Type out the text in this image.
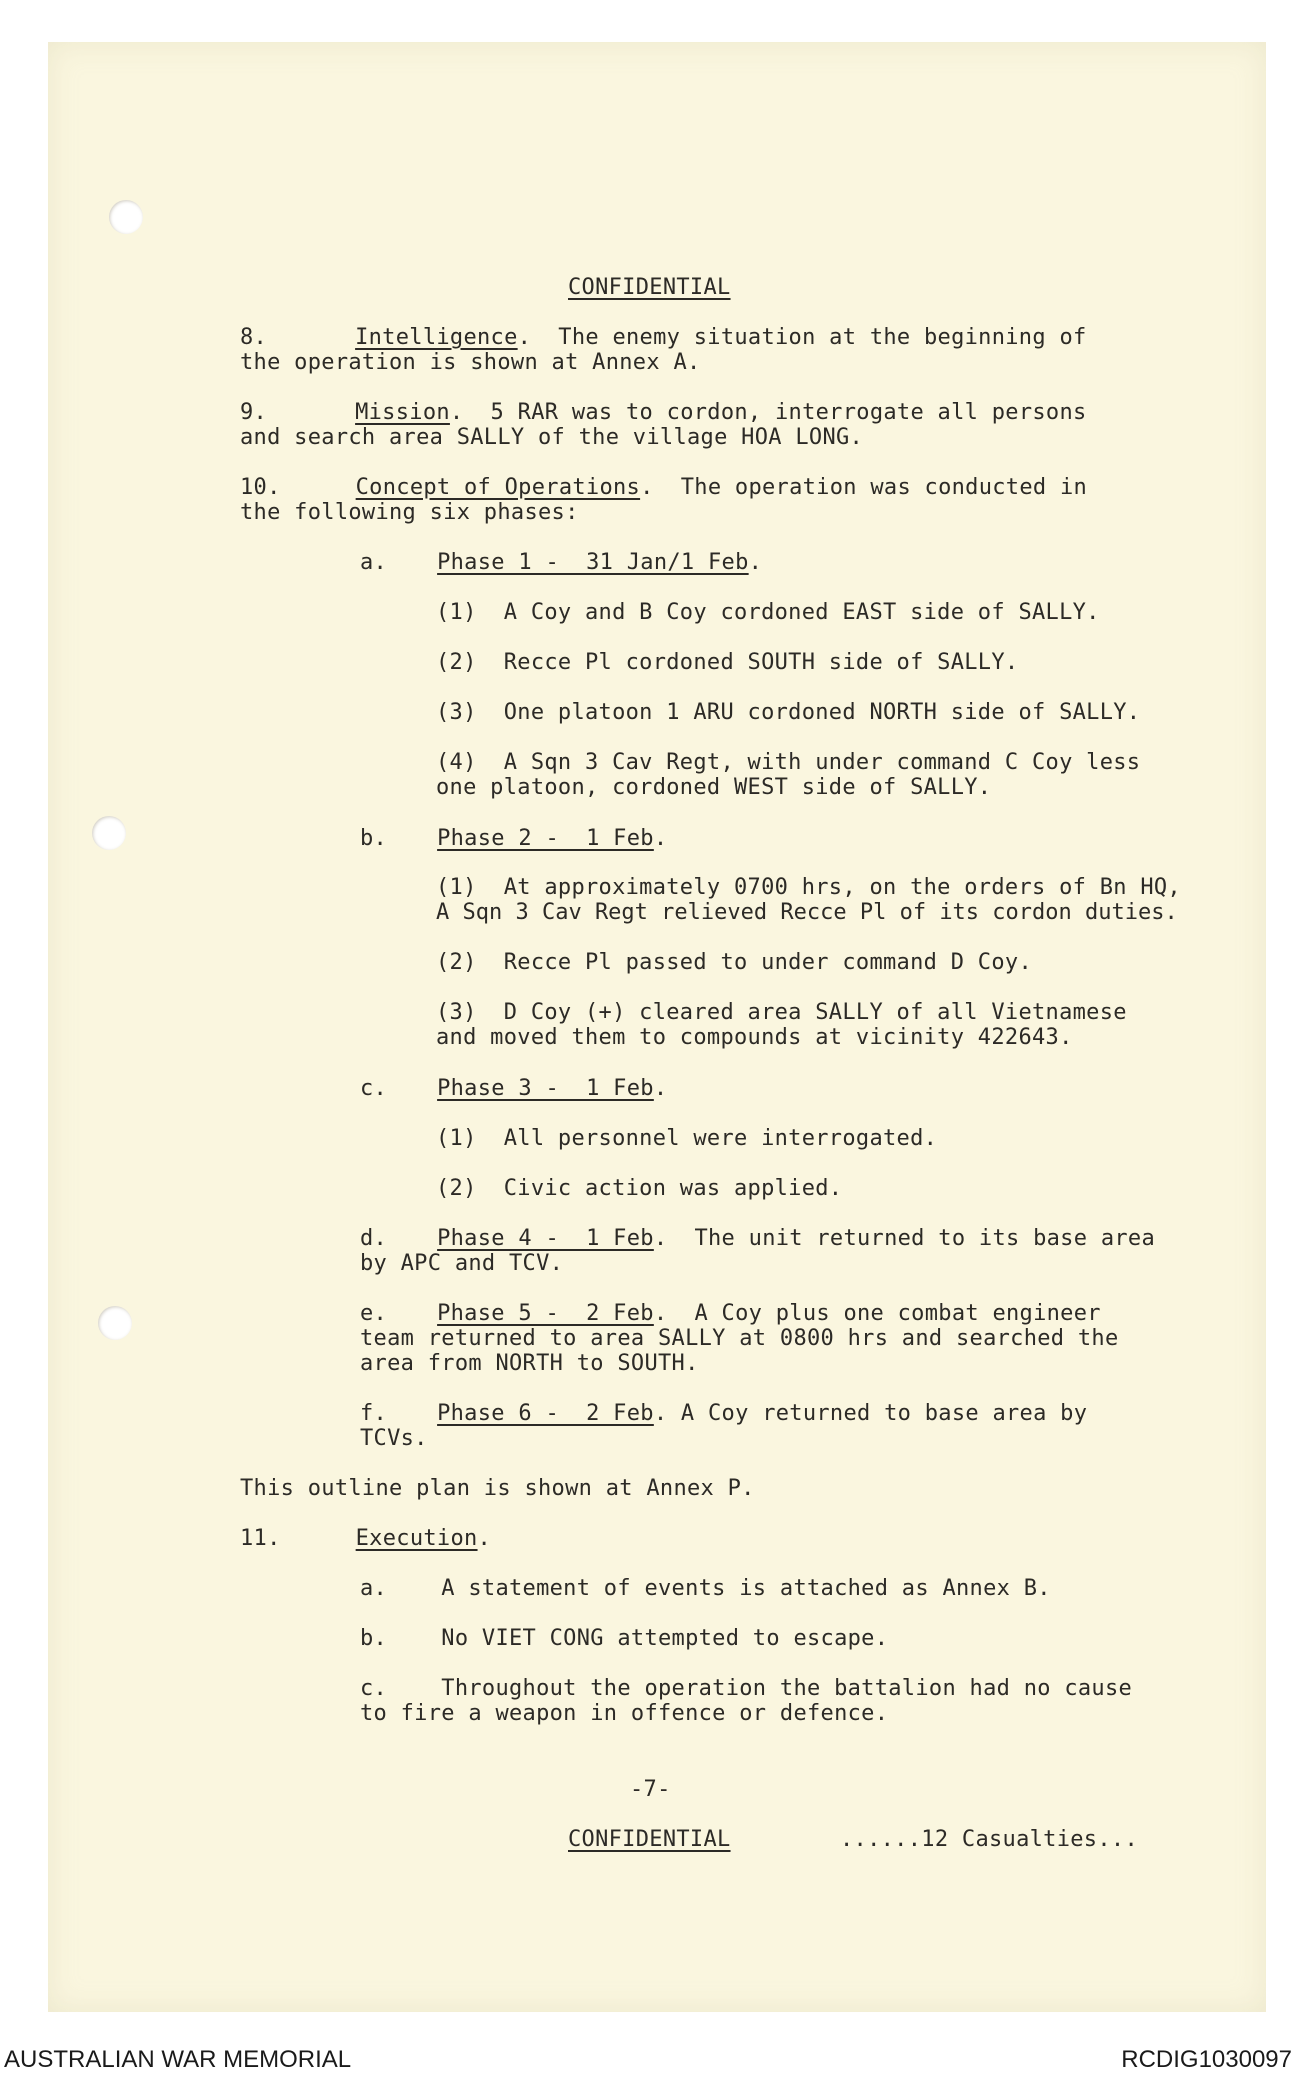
CONFIDENTIAL
8.	Intelligence.  The enemy situation at the beginning of
the operation is shown at Annex A.
9.	Mission.  5 RAR was to cordon, interrogate all persons
and search area SALLY of the village HOA LONG.
10.	Concept of Operations.  The operation was conducted in
the following six phases:
a. Phase 1 -  31 Jan/1 Feb.
(1)  A Coy and B Coy cordoned EAST side of SALLY.
(2)  Recce Pl cordoned SOUTH side of SALLY.
(3)  One platoon 1 ARU cordoned NORTH side of SALLY.
(4)  A Sqn 3 Cav Regt, with under command C Coy less
one platoon, cordoned WEST side of SALLY.
b. Phase 2 -  1 Feb.
(1)  At approximately 0700 hrs, on the orders of Bn HQ,
A Sqn 3 Cav Regt relieved Recce Pl of its cordon duties.
(2)  Recce Pl passed to under command D Coy.
(3)  D Coy (+) cleared area SALLY of all Vietnamese
and moved them to compounds at vicinity 422643.
c. Phase 3 -  1 Feb.
(1)  All personnel were interrogated.
(2)  Civic action was applied.
d. Phase 4 -  1 Feb.  The unit returned to its base area
by APC and TCV.
e. Phase 5 -  2 Feb.  A Coy plus one combat engineer
team returned to area SALLY at 0800 hrs and searched the
area from NORTH to SOUTH.
f. Phase 6 -  2 Feb. A Coy returned to base area by
TCVs.
This outline plan is shown at Annex P.
11.	Execution.
a.    A statement of events is attached as Annex B.
b.    No VIET CONG attempted to escape.
c.    Throughout the operation the battalion had no cause
to fire a weapon in offence or defence.
-7-
CONFIDENTIAL	......12 Casualties...
AUSTRALIAN WAR MEMORIAL	RCDIG1030097
